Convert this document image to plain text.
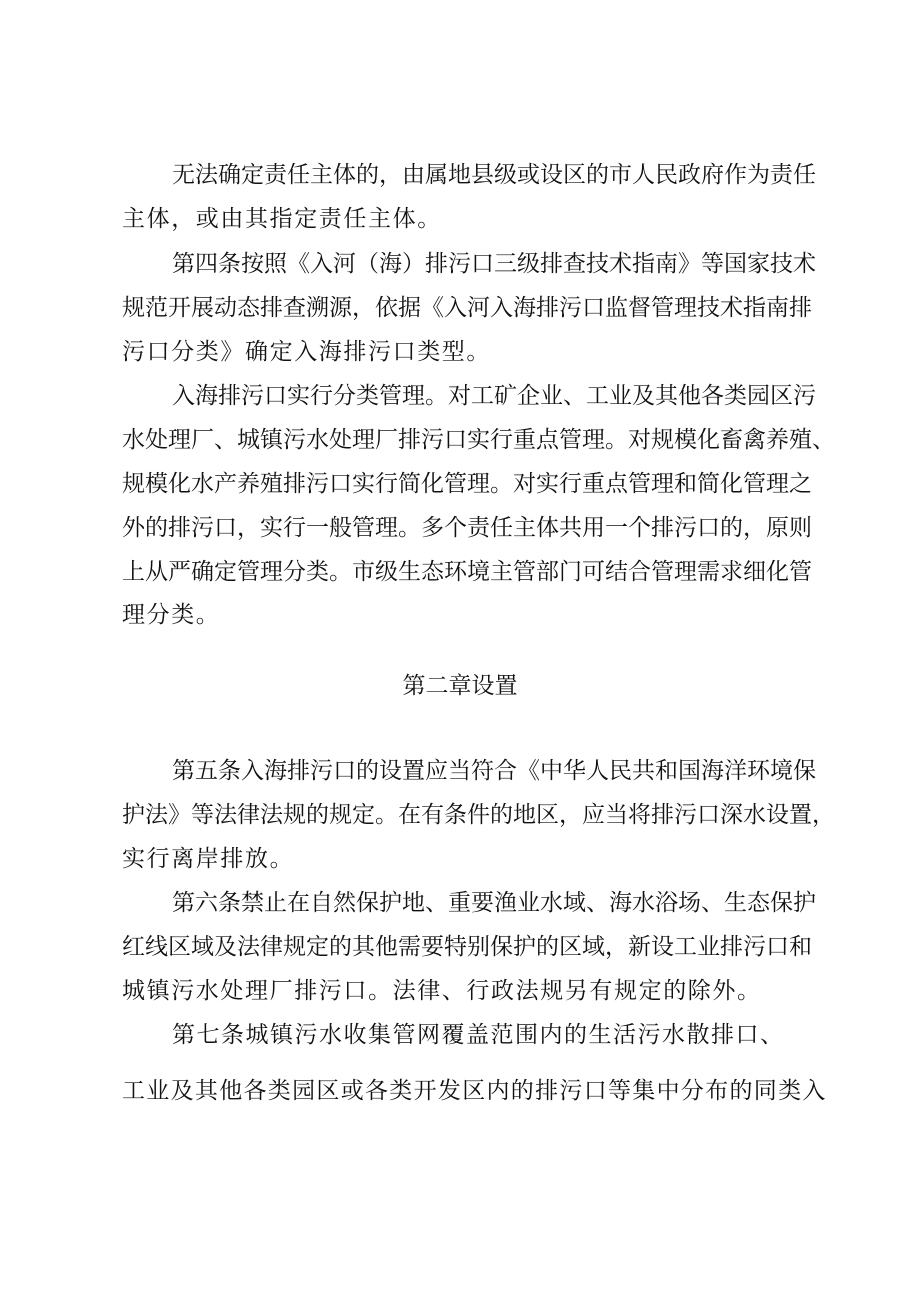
无法确定责任主体的，由属地县级或设区的市人民政府作为责任
主体，或由其指定责任主体。
第四条按照《入河（海）排污口三级排查技术指南》等国家技术
规范开展动态排查溯源，依据《入河入海排污口监督管理技术指南排
污口分类》确定入海排污口类型。
入海排污口实行分类管理。对工矿企业、工业及其他各类园区污
水处理厂、城镇污水处理厂排污口实行重点管理。对规模化畜禽养殖、
规模化水产养殖排污口实行简化管理。对实行重点管理和简化管理之
外的排污口，实行一般管理。多个责任主体共用一个排污口的，原则
上从严确定管理分类。市级生态环境主管部门可结合管理需求细化管
理分类。
第二章设置
第五条入海排污口的设置应当符合《中华人民共和国海洋环境保
护法》等法律法规的规定。在有条件的地区，应当将排污口深水设置，
实行离岸排放。
第六条禁止在自然保护地、重要渔业水域、海水浴场、生态保护
红线区域及法律规定的其他需要特别保护的区域，新设工业排污口和
城镇污水处理厂排污口。法律、行政法规另有规定的除外。
第七条城镇污水收集管网覆盖范围内的生活污水散排口、
工业及其他各类园区或各类开发区内的排污口等集中分布的同类入
